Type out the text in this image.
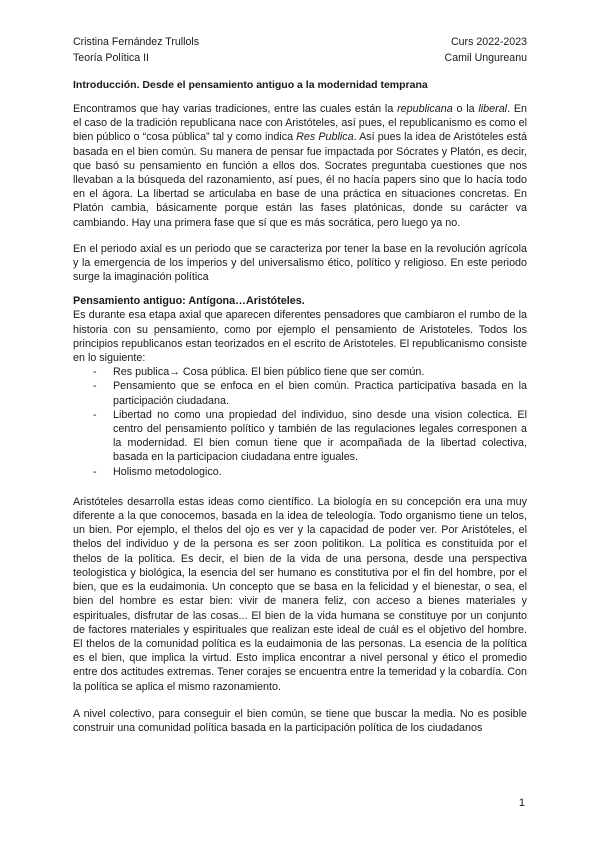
Cristina Fernández Trullols
Teoría Política II
Curs 2022-2023
Camil Ungureanu
Introducción. Desde el pensamiento antiguo a la modernidad temprana

Encontramos que hay varias tradiciones, entre las cuales están la republicana o la liberal. En el caso de la tradición republicana nace con Aristóteles, así pues, el republicanismo es como el bien público o “cosa pública” tal y como indica Res Publica. Así pues la idea de Aristóteles está basada en el bien común. Su manera de pensar fue impactada por Sócrates y Platón, es decir, que basó su pensamiento en función a ellos dos. Socrates preguntaba cuestiones que nos llevaban a la búsqueda del razonamiento, así pues, él no hacía papers sino que lo hacía todo en el ágora. La libertad se articulaba en base de una práctica en situaciones concretas. En Platón cambia, básicamente porque están las fases platónicas, donde su carácter va cambiando. Hay una primera fase que sí que es más socrática, pero luego ya no.

En el periodo axial es un periodo que se caracteriza por tener la base en la revolución agrícola y la emergencia de los imperios y del universalismo ético, político y religioso. En este periodo surge la imaginación política

Pensamiento antiguo: Antígona…Aristóteles.

Es durante esa etapa axial que aparecen diferentes pensadores que cambiaron el rumbo de la historia con su pensamiento, como por ejemplo el pensamiento de Aristoteles. Todos los principios republicanos estan teorizados en el escrito de Aristoteles. El republicanismo consiste en lo siguiente:

- Res publica→ Cosa pública. El bien público tiene que ser común.
- Pensamiento que se enfoca en el bien común. Practica participativa basada en la participación ciudadana.
- Libertad no como una propiedad del individuo, sino desde una vision colectica. El centro del pensamiento político y también de las regulaciones legales corresponen a la modernidad. El bien comun tiene que ir acompañada de la libertad colectiva, basada en la participacion ciudadana entre iguales.
- Holismo metodologico.

Aristóteles desarrolla estas ideas como científico. La biología en su concepción era una muy diferente a la que conocemos, basada en la idea de teleología. Todo organismo tiene un telos, un bien. Por ejemplo, el thelos del ojo es ver y la capacidad de poder ver. Por Aristóteles, el thelos del individuo y de la persona es ser zoon politikon. La política es constituida por el thelos de la política. Es decir, el bien de la vida de una persona, desde una perspectiva teologistica y biológica, la esencia del ser humano es constitutiva por el fin del hombre, por el bien, que es la eudaimonia. Un concepto que se basa en la felicidad y el bienestar, o sea, el bien del hombre es estar bien: vivir de manera feliz, con acceso a bienes materiales y espirituales, disfrutar de las cosas... El bien de la vida humana se constituye por un conjunto de factores materiales y espirituales que realizan este ideal de cuál es el objetivo del hombre. El thelos de la comunidad política es la eudaimonia de las personas. La esencia de la política es el bien, que implica la virtud. Esto implica encontrar a nivel personal y ético el promedio entre dos actitudes extremas. Tener corajes se encuentra entre la temeridad y la cobardía. Con la política se aplica el mismo razonamiento.

A nivel colectivo, para conseguir el bien común, se tiene que buscar la media. No es posible construir una comunidad política basada en la participación política de los ciudadanos

1
